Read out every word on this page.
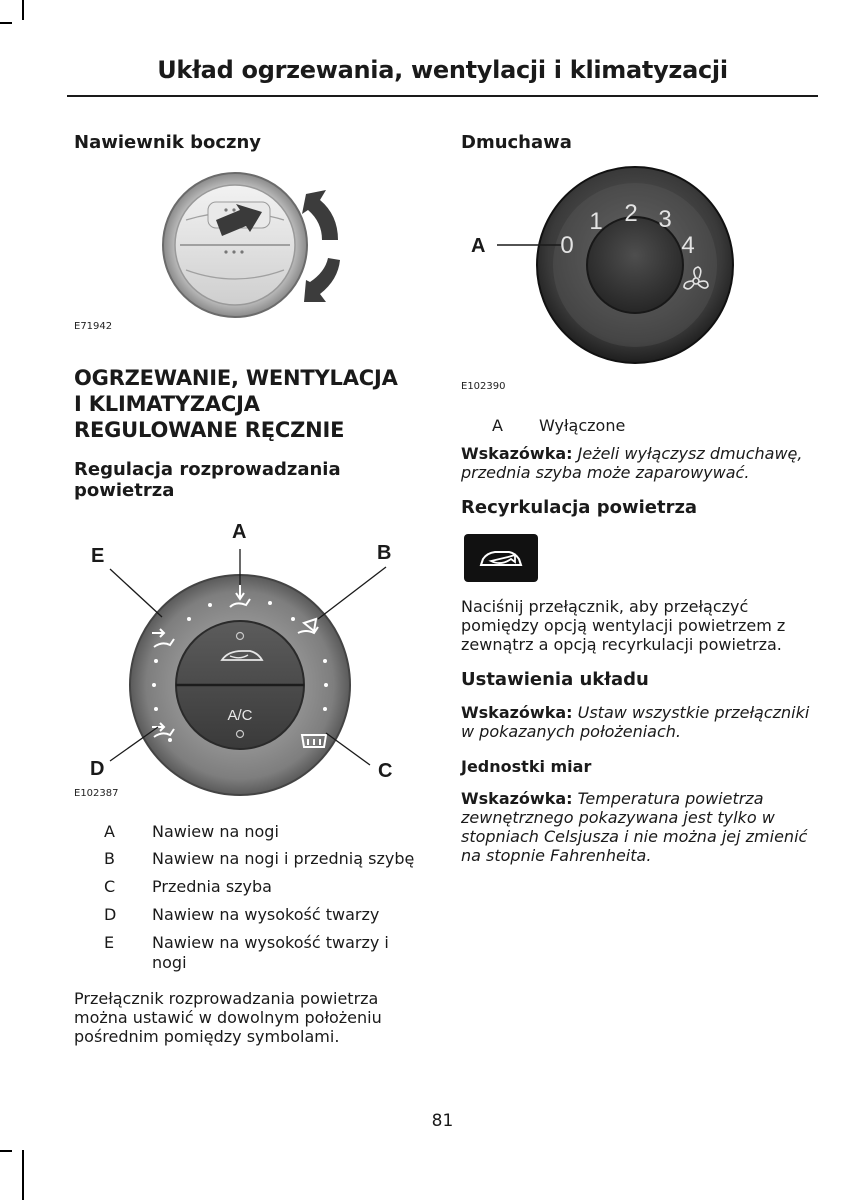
Układ ogrzewania, wentylacji i klimatyzacji
Nawiewnik boczny
E71942
OGRZEWANIE, WENTYLACJA
I KLIMATYZACJA
REGULOWANE RĘCZNIE
Regulacja rozprowadzania
powietrza
A/C
A
B
C
D
E
E102387
A Nawiew na nogi
B Nawiew na nogi i przednią szybę
C Przednia szyba
D Nawiew na wysokość twarzy
E Nawiew na wysokość twarzy i
nogi
Przełącznik rozprowadzania powietrza
można ustawić w dowolnym położeniu
pośrednim pomiędzy symbolami.
Dmuchawa
0
1 2 3
4
A
E102390
A Wyłączone
Wskazówka: Jeżeli wyłączysz dmuchawę,
przednia szyba może zaparowywać.
Recyrkulacja powietrza
Naciśnij przełącznik, aby przełączyć
pomiędzy opcją wentylacji powietrzem z
zewnątrz a opcją recyrkulacji powietrza.
Ustawienia układu
Wskazówka: Ustaw wszystkie przełączniki
w pokazanych położeniach.
Jednostki miar
Wskazówka: Temperatura powietrza
zewnętrznego pokazywana jest tylko w
stopniach Celsjusza i nie można jej zmienić
na stopnie Fahrenheita.
81
